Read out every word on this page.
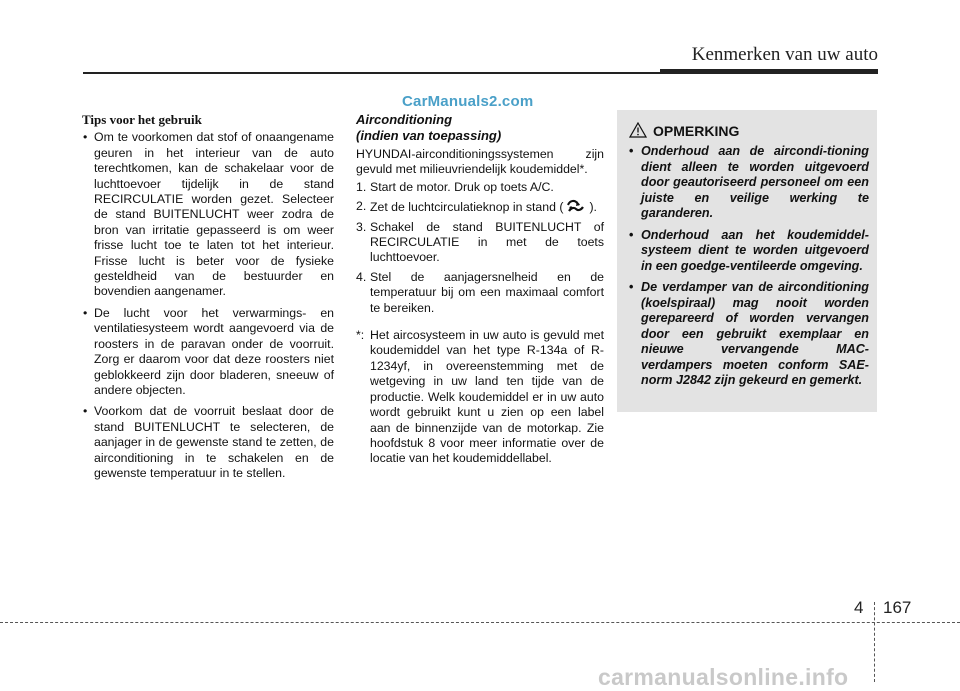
Kenmerken van uw auto
CarManuals2.com
Tips voor het gebruik
• Om te voorkomen dat stof of onaangename geuren in het interieur van de auto terechtkomen, kan de schakelaar voor de luchttoevoer tijdelijk in de stand RECIRCULATIE worden gezet. Selecteer de stand BUITENLUCHT weer zodra de bron van irritatie gepasseerd is om weer frisse lucht toe te laten tot het interieur. Frisse lucht is beter voor de fysieke gesteldheid van de bestuurder en bovendien aangenamer.
• De lucht voor het verwarmings- en ventilatiesysteem wordt aangevoerd via de roosters in de paravan onder de voorruit. Zorg er daarom voor dat deze roosters niet geblokkeerd zijn door bladeren, sneeuw of andere objecten.
• Voorkom dat de voorruit beslaat door de stand BUITENLUCHT te selecteren, de aanjager in de gewenste stand te zetten, de airconditioning in te schakelen en de gewenste temperatuur in te stellen.
Airconditioning
(indien van toepassing)

HYUNDAI-airconditioningssystemen zijn gevuld met milieuvriendelijk koudemiddel*.

1. Start de motor. Druk op toets A/C.
2. Zet de luchtcirculatieknop in stand ( ).
3. Schakel de stand BUITENLUCHT of RECIRCULATIE in met de toets luchttoevoer.
4. Stel de aanjagersnelheid en de temperatuur bij om een maximaal comfort te bereiken.
*: Het aircosysteem in uw auto is gevuld met koudemiddel van het type R-134a of R- 1234yf, in overeenstemming met de wetgeving in uw land ten tijde van de productie. Welk koudemiddel er in uw auto wordt gebruikt kunt u zien op een label aan de binnenzijde van de motorkap. Zie hoofdstuk 8 voor meer informatie over de locatie van het koudemiddellabel.
OPMERKING
• Onderhoud aan de aircondi-tioning dient alleen te worden uitgevoerd door geautoriseerd personeel om een juiste en veilige werking te garanderen.
• Onderhoud aan het koudemiddel-systeem dient te worden uitgevoerd in een goedge-ventileerde omgeving.
• De verdamper van de airconditioning (koelspiraal) mag nooit worden gerepareerd of worden vervangen door een gebruikt exemplaar en nieuwe vervangende MAC-verdampers moeten conform SAE-norm J2842 zijn gekeurd en gemerkt.
4 167
carmanualsonline.info
